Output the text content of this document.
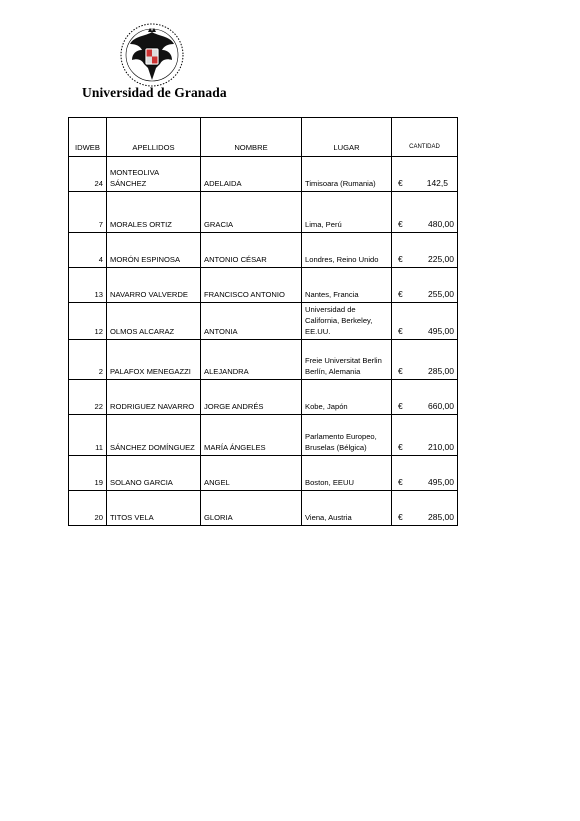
Universidad de Granada
IDWEB	APELLIDOS	NOMBRE	LUGAR	CANTIDAD
24	MONTEOLIVA SÁNCHEZ	ADELAIDA	Timisoara (Rumania)	€ 142,5

7	MORALES ORTIZ	GRACIA	Lima, Perú	€ 480,00

4	MORÓN ESPINOSA	ANTONIO CÉSAR	Londres, Reino Unido	€ 225,00

13	NAVARRO VALVERDE	FRANCISCO ANTONIO	Nantes, Francia	€ 255,00

12	OLMOS ALCARAZ	ANTONIA	Universidad de California, Berkeley, EE.UU.	€ 495,00

2	PALAFOX MENEGAZZI	ALEJANDRA	Freie Universitat Berlin Berlín, Alemania	€ 285,00

22	RODRIGUEZ NAVARRO	JORGE ANDRÉS	Kobe, Japón	€ 660,00

11	SÁNCHEZ DOMÍNGUEZ	MARÍA ÁNGELES	Parlamento Europeo, Bruselas (Bélgica)	€ 210,00

19	SOLANO GARCIA	ANGEL	Boston, EEUU	€ 495,00

20	TITOS VELA	GLORIA	Viena, Austria	€ 285,00
